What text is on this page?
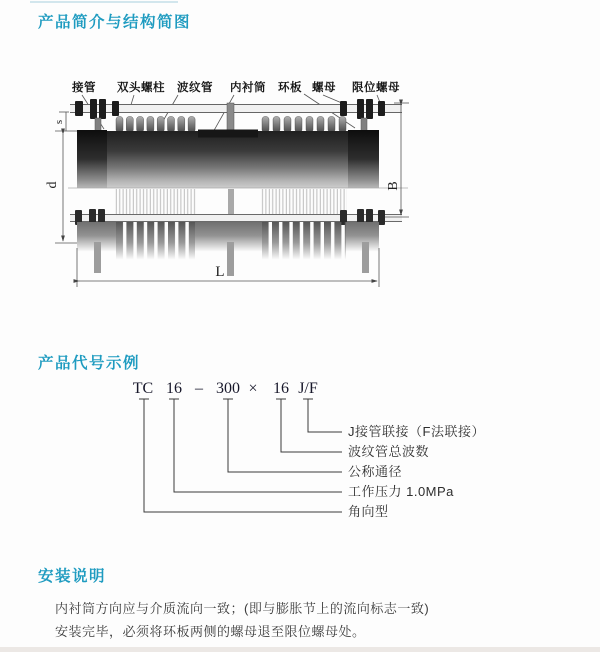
产品简介与结构简图
接管 双头螺柱 波纹管 内衬筒 环板 螺母 限位螺母
s
d	B
L
产品代号示例
TC 16 – 300 × 16 J/F
J接管联接（F法联接）
波纹管总波数
公称通径
工作压力 1.0MPa
角向型
安装说明

内衬筒方向应与介质流向一致；(即与膨胀节上的流向标志一致)

安装完毕，必须将环板两侧的螺母退至限位螺母处。
